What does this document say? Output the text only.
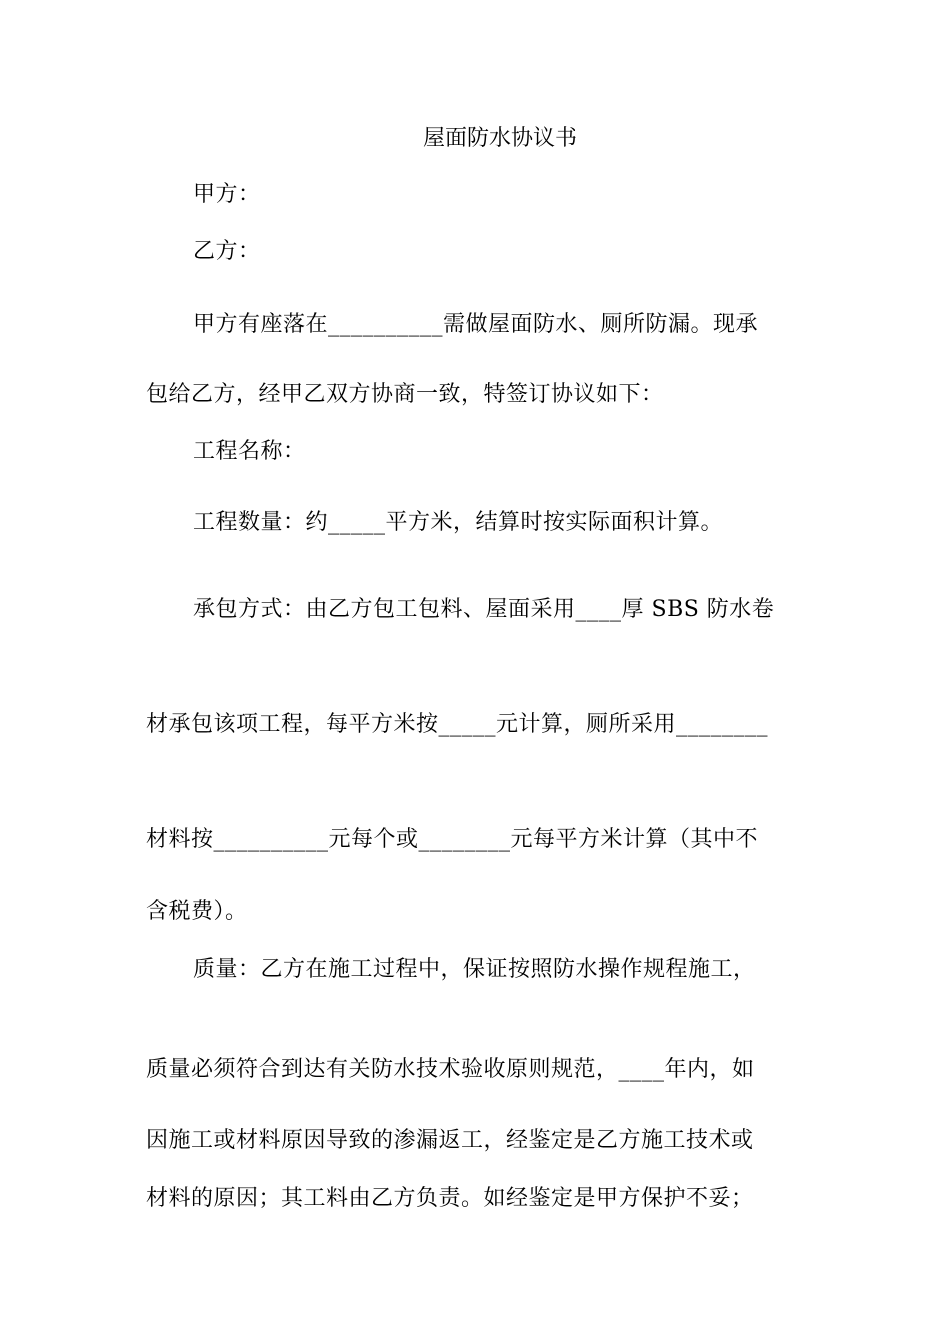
屋面防水协议书
甲方：
乙方：
甲方有座落在__________需做屋面防水、厕所防漏。现承
包给乙方，经甲乙双方协商一致，特签订协议如下：
工程名称：
工程数量：约_____平方米，结算时按实际面积计算。
承包方式：由乙方包工包料、屋面采用____厚 SBS 防水卷
材承包该项工程，每平方米按_____元计算，厕所采用________
材料按__________元每个或________元每平方米计算（其中不
含税费）。
质量：乙方在施工过程中，保证按照防水操作规程施工，
质量必须符合到达有关防水技术验收原则规范，____年内，如
因施工或材料原因导致的渗漏返工，经鉴定是乙方施工技术或
材料的原因；其工料由乙方负责。如经鉴定是甲方保护不妥；
